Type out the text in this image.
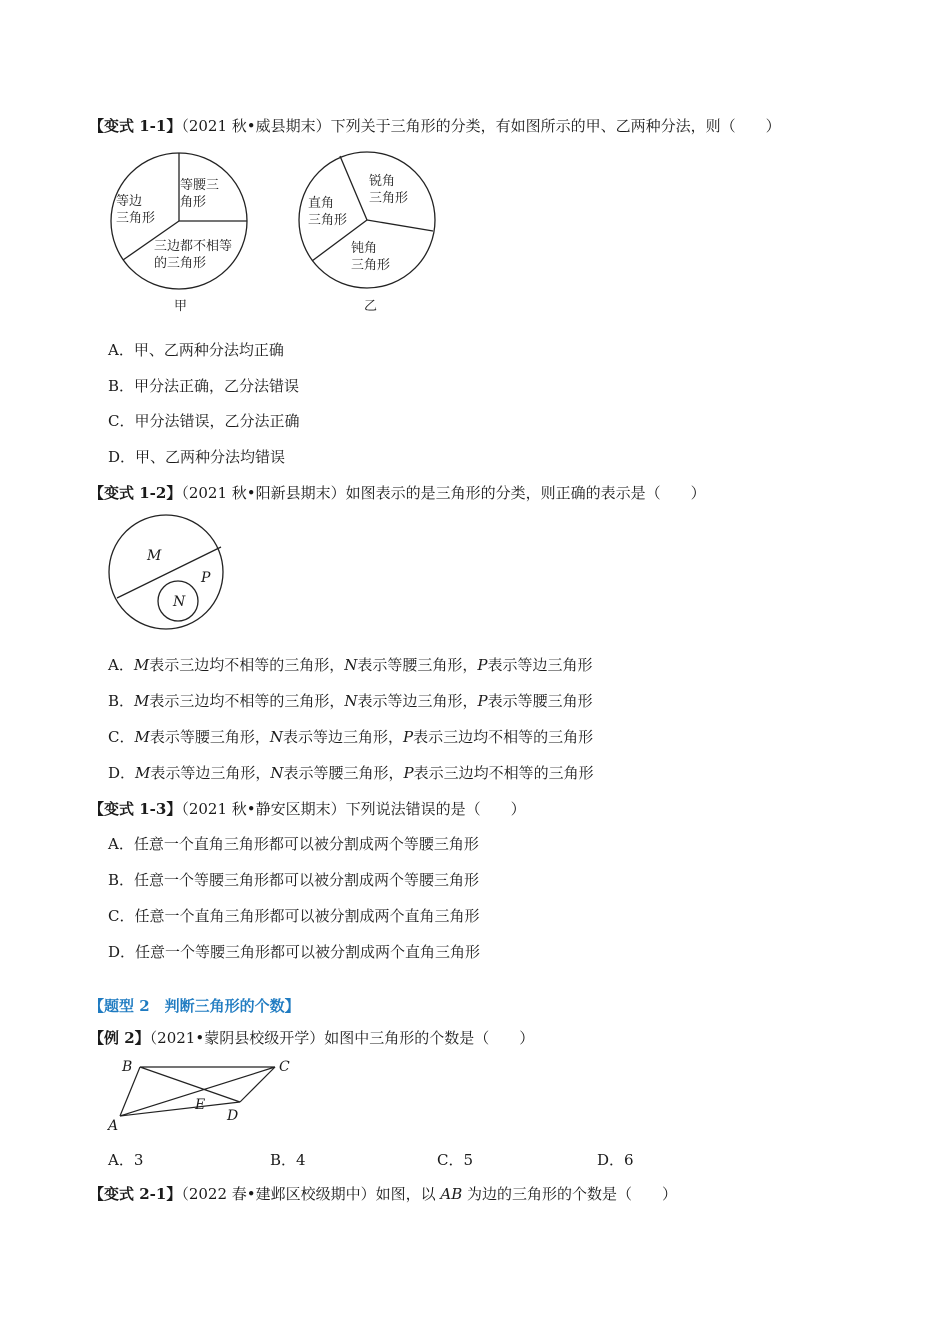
【变式 1-1】（2021 秋•威县期末）下列关于三角形的分类，有如图所示的甲、乙两种分法，则（　　）
等边
三角形
等腰三
角形
三边都不相等
的三角形
甲
直角
三角形
锐角
三角形
钝角
三角形
乙
A．甲、乙两种分法均正确
B．甲分法正确，乙分法错误
C．甲分法错误，乙分法正确
D．甲、乙两种分法均错误
【变式 1-2】（2021 秋•阳新县期末）如图表示的是三角形的分类，则正确的表示是（　　）
M
N
P
A．M表示三边均不相等的三角形，N表示等腰三角形，P表示等边三角形
B．M表示三边均不相等的三角形，N表示等边三角形，P表示等腰三角形
C．M表示等腰三角形，N表示等边三角形，P表示三边均不相等的三角形
D．M表示等边三角形，N表示等腰三角形，P表示三边均不相等的三角形
【变式 1-3】（2021 秋•静安区期末）下列说法错误的是（　　）
A．任意一个直角三角形都可以被分割成两个等腰三角形
B．任意一个等腰三角形都可以被分割成两个等腰三角形
C．任意一个直角三角形都可以被分割成两个直角三角形
D．任意一个等腰三角形都可以被分割成两个直角三角形
【题型 2　判断三角形的个数】
【例 2】（2021•蒙阴县校级开学）如图中三角形的个数是（　　）
B	C
A
E
D
A．3	B．4	C．5	D．6
【变式 2-1】（2022 春•建邺区校级期中）如图，以 AB 为边的三角形的个数是（　　）
